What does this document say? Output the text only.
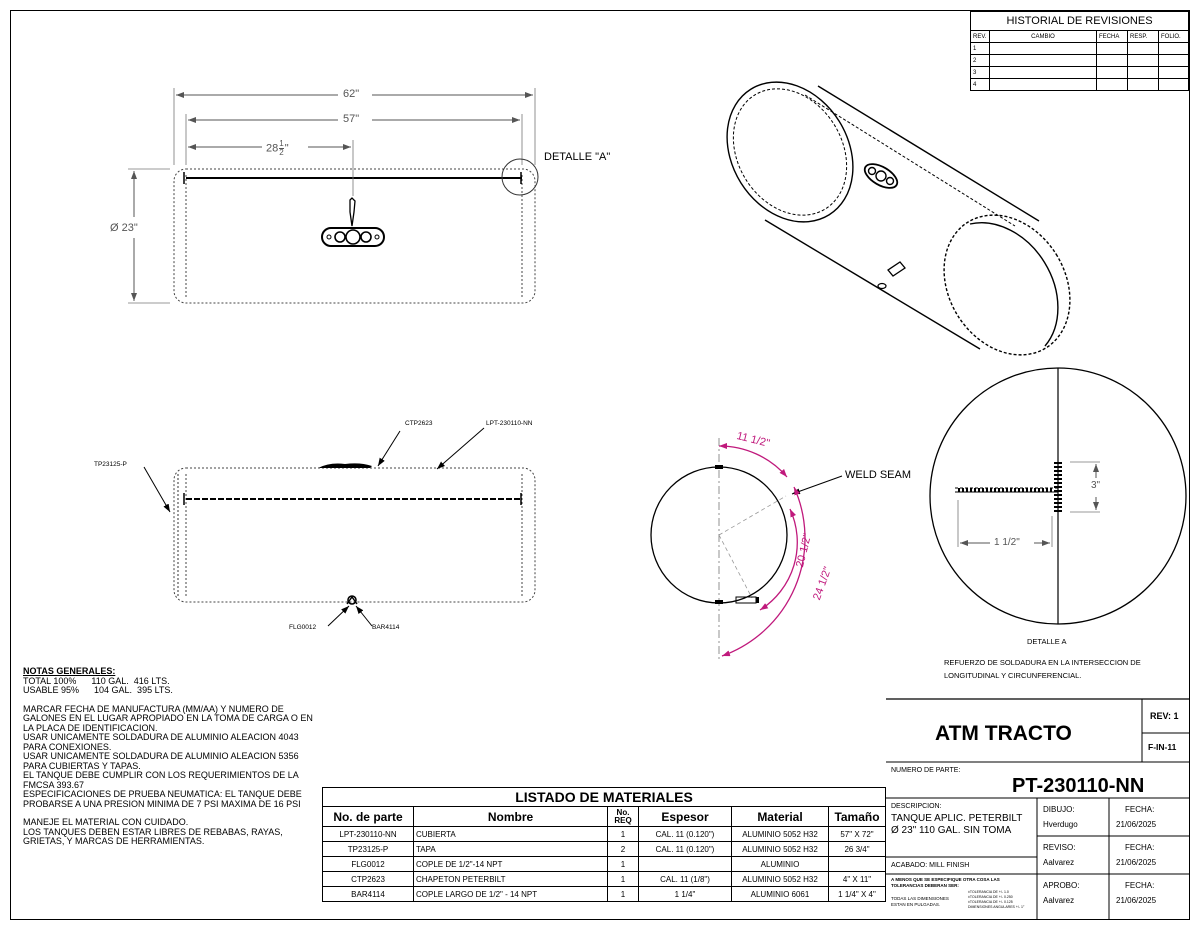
62"
57"
$28 \frac{1}{2}$ "
Ø 23"
DETALLE "A"
CTP2623	LPT-230110-NN
TP23125-P
FLG0012	BAR4114
11 1/2"
20 1/2"
24 1/2"
WELD SEAM
3"
1 1/2"
DETALLE A
REFUERZO DE SOLDADURA EN LA INTERSECCION DE
LONGITUDINAL Y CIRCUNFERENCIAL.
HISTORIAL DE REVISIONES				
REV.	CAMBIO	FECHA	RESP.	FOLIO.
1				
2				
3				
4				
NOTAS GENERALES:
TOTAL 100%      110 GAL.  416 LTS.

USABLE 95%      104 GAL.  395 LTS.

MARCAR FECHA DE MANUFACTURA (MM/AA) Y NUMERO DE GALONES EN EL LUGAR APROPIADO EN LA TOMA DE CARGA O EN LA PLACA DE IDENTIFICACION.
USAR UNICAMENTE SOLDADURA DE ALUMINIO ALEACION 4043 PARA CONEXIONES.
USAR UNICAMENTE SOLDADURA DE ALUMINIO ALEACION 5356 PARA CUBIERTAS Y TAPAS.
EL TANQUE DEBE CUMPLIR CON LOS REQUERIMIENTOS DE LA FMCSA 393.67

ESPECIFICACIONES DE PRUEBA NEUMATICA: EL TANQUE DEBE PROBARSE A UNA PRESION MINIMA DE 7 PSI MAXIMA DE 16 PSI

MANEJE EL MATERIAL CON CUIDADO.
LOS TANQUES DEBEN ESTAR LIBRES DE REBABAS, RAYAS, GRIETAS, Y MARCAS DE HERRAMIENTAS.
LISTADO DE MATERIALES					
No. de parte	Nombre	No. REQ	Espesor	Material	Tamaño
LPT-230110-NN	CUBIERTA	1	CAL. 11 (0.120")	ALUMINIO 5052 H32	57" X 72"
TP23125-P	TAPA	2	CAL. 11 (0.120")	ALUMINIO 5052 H32	26 3/4"
FLG0012	COPLE DE 1/2"-14 NPT	1		ALUMINIO	
CTP2623	CHAPETON PETERBILT	1	CAL. 11 (1/8")	ALUMINIO 5052 H32	4" X 11"
BAR4114	COPLE LARGO DE 1/2" - 14 NPT	1	1 1/4"	ALUMINIO 6061	1 1/4" X 4"
ATM TRACTO
REV: 1
F-IN-11
NUMERO DE PARTE:
PT-230110-NN
DESCRIPCION:
TANQUE APLIC. PETERBILT
Ø 23" 110 GAL. SIN TOMA
ACABADO: MILL FINISH
A MENOS QUE SE ESPECIFIQUE OTRA COSA LAS
TOLERANCIAS DEBERAN SER:
TODAS LAS DIMENSIONES
ESTAN EN PULGADAS.
±TOLERANCIA DE +/- 1.0
±TOLERANCIA DE +/- 0.250
±TOLERANCIA DE +/- 0.125
DIMENSIONES ANGULARES +/- 1°
DIBUJO:
Hverdugo
REVISO:
Aalvarez
APROBO:
Aalvarez
FECHA:
21/06/2025
FECHA:
21/06/2025
FECHA:
21/06/2025
